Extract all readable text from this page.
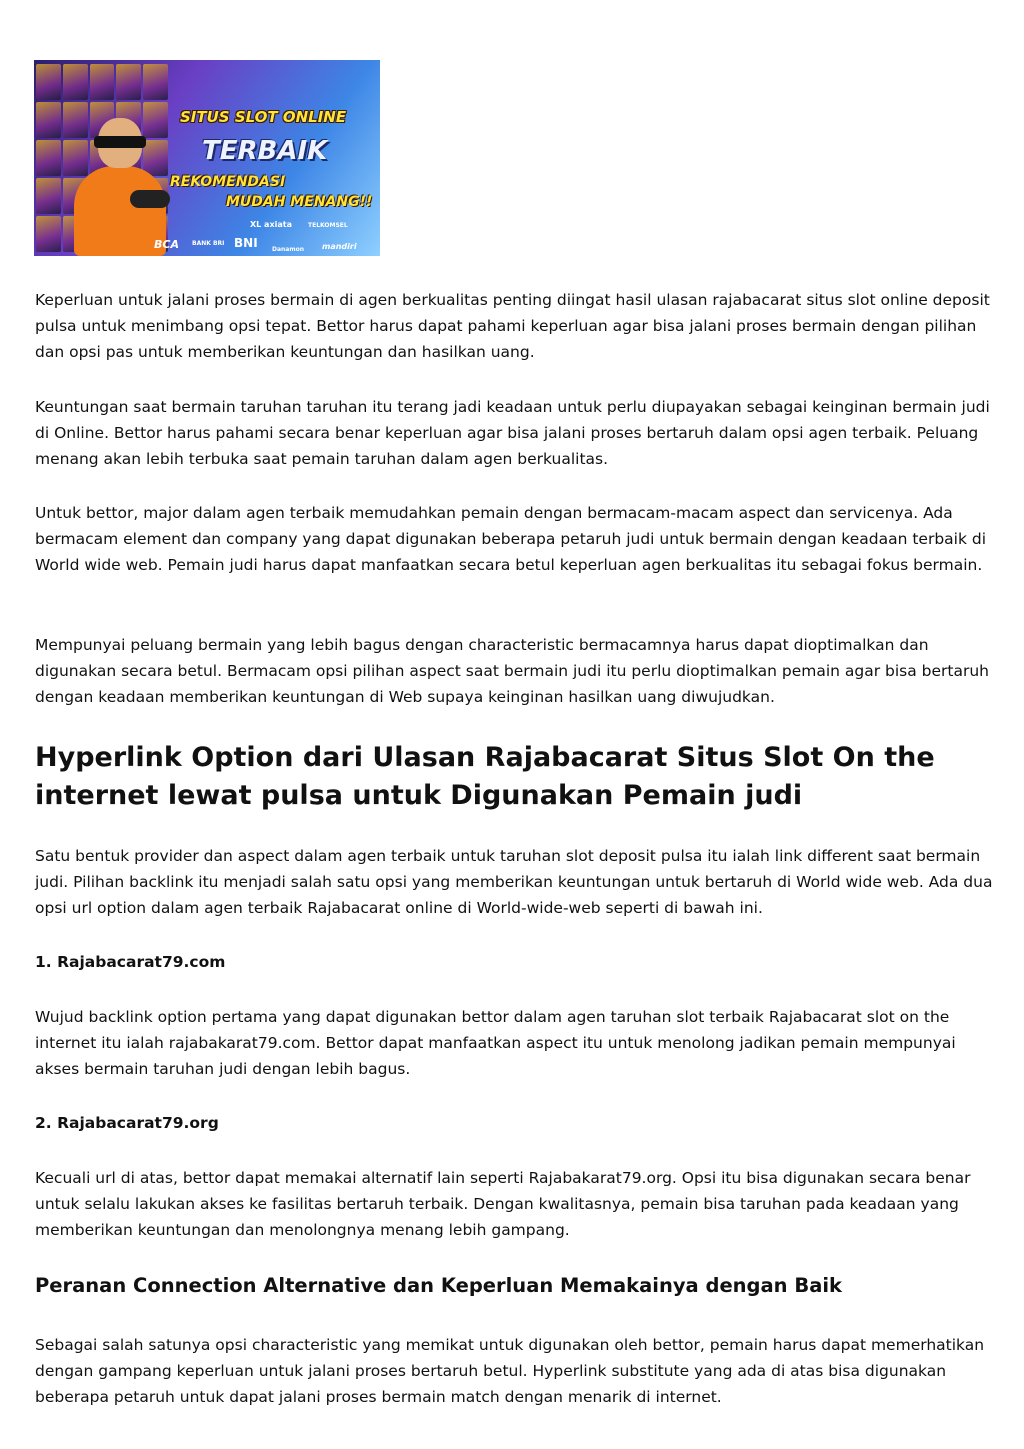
SITUS SLOT ONLINE
TERBAIK
REKOMENDASI
MUDAH MENANG!!
XL axiata	TELKOMSEL
BCA BANK BRI BNI Danamon mandiri

Keperluan untuk jalani proses bermain di agen berkualitas penting diingat hasil ulasan rajabacarat situs slot online deposit pulsa untuk menimbang opsi tepat. Bettor harus dapat pahami keperluan agar bisa jalani proses bermain dengan pilihan dan opsi pas untuk memberikan keuntungan dan hasilkan uang.

Keuntungan saat bermain taruhan taruhan itu terang jadi keadaan untuk perlu diupayakan sebagai keinginan bermain judi di Online. Bettor harus pahami secara benar keperluan agar bisa jalani proses bertaruh dalam opsi agen terbaik. Peluang menang akan lebih terbuka saat pemain taruhan dalam agen berkualitas.

Untuk bettor, major dalam agen terbaik memudahkan pemain dengan bermacam-macam aspect dan servicenya. Ada bermacam element dan company yang dapat digunakan beberapa petaruh judi untuk bermain dengan keadaan terbaik di World wide web. Pemain judi harus dapat manfaatkan secara betul keperluan agen berkualitas itu sebagai fokus bermain.

Mempunyai peluang bermain yang lebih bagus dengan characteristic bermacamnya harus dapat dioptimalkan dan digunakan secara betul. Bermacam opsi pilihan aspect saat bermain judi itu perlu dioptimalkan pemain agar bisa bertaruh dengan keadaan memberikan keuntungan di Web supaya keinginan hasilkan uang diwujudkan.

Hyperlink Option dari Ulasan Rajabacarat Situs Slot On the internet lewat pulsa untuk Digunakan Pemain judi

Satu bentuk provider dan aspect dalam agen terbaik untuk taruhan slot deposit pulsa itu ialah link different saat bermain judi. Pilihan backlink itu menjadi salah satu opsi yang memberikan keuntungan untuk bertaruh di World wide web. Ada dua opsi url option dalam agen terbaik Rajabacarat online di World-wide-web seperti di bawah ini.

1. Rajabacarat79.com

Wujud backlink option pertama yang dapat digunakan bettor dalam agen taruhan slot terbaik Rajabacarat slot on the internet itu ialah rajabakarat79.com. Bettor dapat manfaatkan aspect itu untuk menolong jadikan pemain mempunyai akses bermain taruhan judi dengan lebih bagus.

2. Rajabacarat79.org

Kecuali url di atas, bettor dapat memakai alternatif lain seperti Rajabakarat79.org. Opsi itu bisa digunakan secara benar untuk selalu lakukan akses ke fasilitas bertaruh terbaik. Dengan kwalitasnya, pemain bisa taruhan pada keadaan yang memberikan keuntungan dan menolongnya menang lebih gampang.

Peranan Connection Alternative dan Keperluan Memakainya dengan Baik

Sebagai salah satunya opsi characteristic yang memikat untuk digunakan oleh bettor, pemain harus dapat memerhatikan dengan gampang keperluan untuk jalani proses bertaruh betul. Hyperlink substitute yang ada di atas bisa digunakan beberapa petaruh untuk dapat jalani proses bermain match dengan menarik di internet.
